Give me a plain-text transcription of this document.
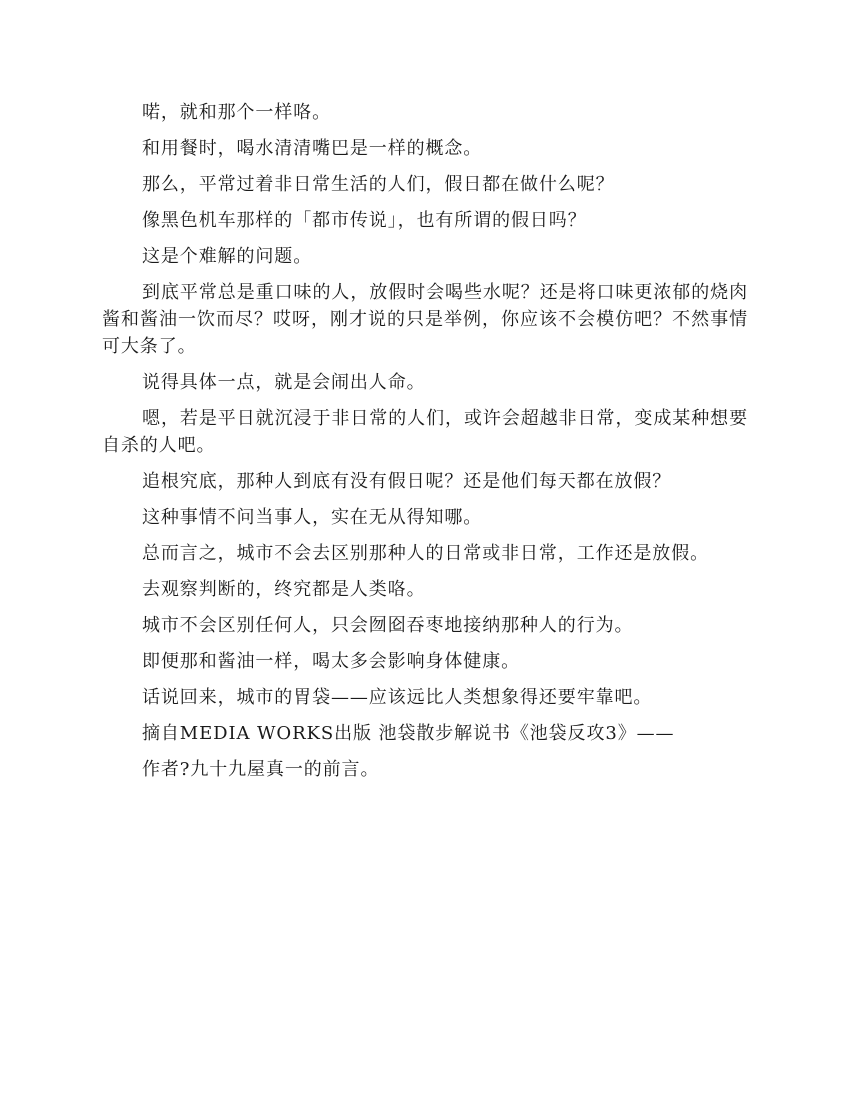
喏，就和那个一样咯。

和用餐时，喝水清清嘴巴是一样的概念。

那么，平常过着非日常生活的人们，假日都在做什么呢？

像黑色机车那样的「都市传说」，也有所谓的假日吗？

这是个难解的问题。

到底平常总是重口味的人，放假时会喝些水呢？还是将口味更浓郁的烧肉酱和酱油一饮而尽？哎呀，刚才说的只是举例，你应该不会模仿吧？不然事情可大条了。

说得具体一点，就是会闹出人命。

嗯，若是平日就沉浸于非日常的人们，或许会超越非日常，变成某种想要自杀的人吧。

追根究底，那种人到底有没有假日呢？还是他们每天都在放假？

这种事情不问当事人，实在无从得知哪。

总而言之，城市不会去区别那种人的日常或非日常，工作还是放假。

去观察判断的，终究都是人类咯。

城市不会区别任何人，只会囫囵吞枣地接纳那种人的行为。

即便那和酱油一样，喝太多会影响身体健康。

话说回来，城市的胃袋——应该远比人类想象得还要牢靠吧。

摘自MEDIA WORKS出版 池袋散步解说书《池袋反攻3》——

作者?九十九屋真一的前言。
